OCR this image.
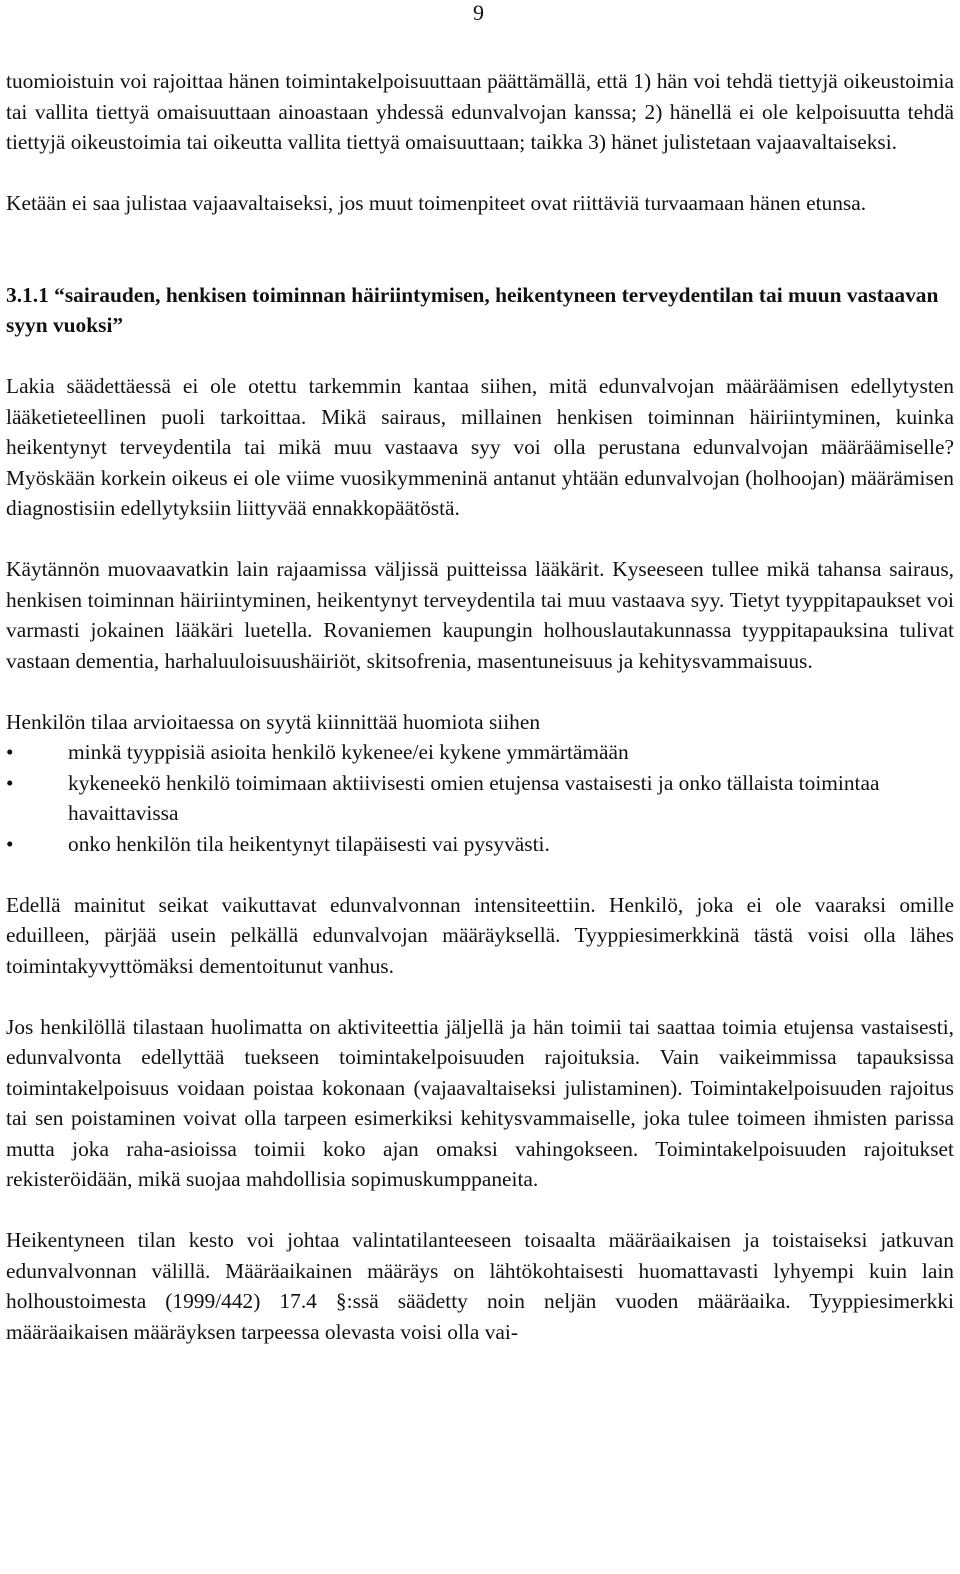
9

tuomioistuin voi rajoittaa hänen toimintakelpoisuuttaan päättämällä, että 1) hän voi tehdä tiettyjä oikeustoimia tai vallita tiettyä omaisuuttaan ainoastaan yhdessä edunvalvojan kanssa; 2) hänellä ei ole kelpoisuutta tehdä tiettyjä oikeustoimia tai oikeutta vallita tiettyä omaisuuttaan; taikka 3) hänet julistetaan vajaavaltaiseksi.

Ketään ei saa julistaa vajaavaltaiseksi, jos muut toimenpiteet ovat riittäviä turvaamaan hänen etunsa.

3.1.1 “sairauden, henkisen toiminnan häiriintymisen, heikentyneen terveydentilan tai muun vastaavan syyn vuoksi”

Lakia säädettäessä ei ole otettu tarkemmin kantaa siihen, mitä edunvalvojan määräämisen edellytysten lääketieteellinen puoli tarkoittaa. Mikä sairaus, millainen henkisen toiminnan häiriintyminen, kuinka heikentynyt terveydentila tai mikä muu vastaava syy voi olla perustana edunvalvojan määräämiselle? Myöskään korkein oikeus ei ole viime vuosikymmeninä antanut yhtään edunvalvojan (holhoojan) määrämisen diagnostisiin edellytyksiin liittyvää ennakkopäätöstä.

Käytännön muovaavatkin lain rajaamissa väljissä puitteissa lääkärit. Kyseeseen tullee mikä tahansa sairaus, henkisen toiminnan häiriintyminen, heikentynyt terveydentila tai muu vastaava syy. Tietyt tyyppitapaukset voi varmasti jokainen lääkäri luetella. Rovaniemen kaupungin holhouslautakunnassa tyyppitapauksina tulivat vastaan dementia, harhaluuloisuushäiriöt, skitsofrenia, masentuneisuus ja kehitysvammaisuus.

Henkilön tilaa arvioitaessa on syytä kiinnittää huomiota siihen

•	minkä tyyppisiä asioita henkilö kykenee/ei kykene ymmärtämään
•	kykeneekö henkilö toimimaan aktiivisesti omien etujensa vastaisesti ja onko tällaista toimintaa havaittavissa
•	onko henkilön tila heikentynyt tilapäisesti vai pysyvästi.

Edellä mainitut seikat vaikuttavat edunvalvonnan intensiteettiin. Henkilö, joka ei ole vaaraksi omille eduilleen, pärjää usein pelkällä edunvalvojan määräyksellä. Tyyppiesimerkkinä tästä voisi olla lähes toimintakyvyttömäksi dementoitunut vanhus.

Jos henkilöllä tilastaan huolimatta on aktiviteettia jäljellä ja hän toimii tai saattaa toimia etujensa vastaisesti, edunvalvonta edellyttää tuekseen toimintakelpoisuuden rajoituksia. Vain vaikeimmissa tapauksissa toimintakelpoisuus voidaan poistaa kokonaan (vajaavaltaiseksi julistaminen). Toimintakelpoisuuden rajoitus tai sen poistaminen voivat olla tarpeen esimerkiksi kehitysvammaiselle, joka tulee toimeen ihmisten parissa mutta joka raha-asioissa toimii koko ajan omaksi vahingokseen. Toimintakelpoisuuden rajoitukset rekisteröidään, mikä suojaa mahdollisia sopimuskumppaneita.

Heikentyneen tilan kesto voi johtaa valintatilanteeseen toisaalta määräaikaisen ja toistaiseksi jatkuvan edunvalvonnan välillä. Määräaikainen määräys on lähtökohtaisesti huomattavasti lyhyempi kuin lain holhoustoimesta (1999/442) 17.4 §:ssä säädetty noin neljän vuoden määräaika. Tyyppiesimerkki määräaikaisen määräyksen tarpeessa olevasta voisi olla vai-
